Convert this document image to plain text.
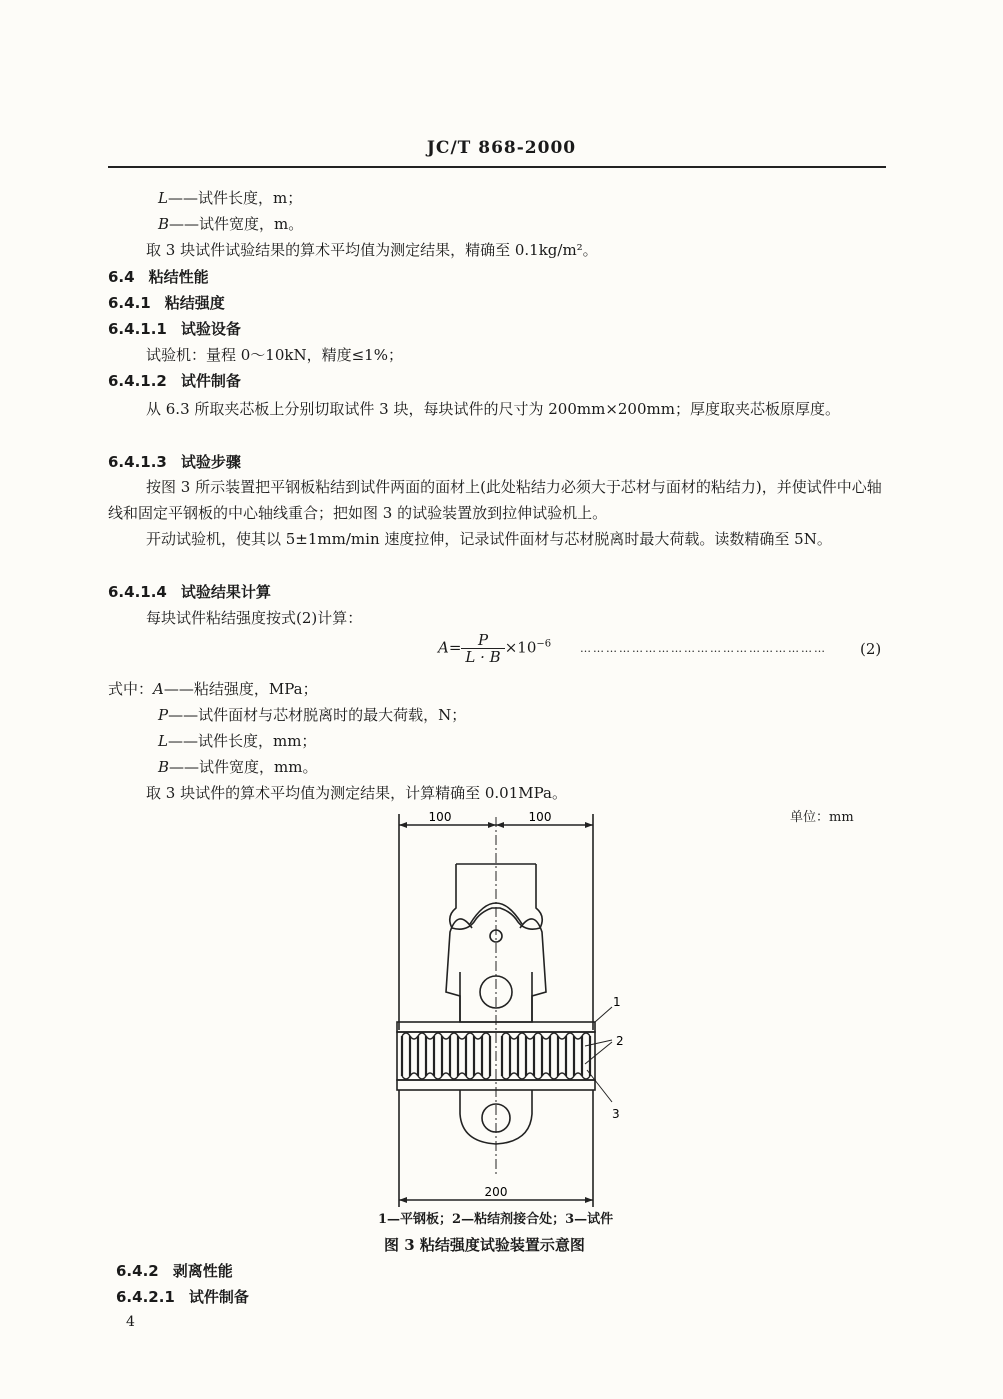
JC/T 868-2000
L——试件长度，m；
B——试件宽度，m。
取 3 块试件试验结果的算术平均值为测定结果，精确至 0.1kg/m²。
6.4 粘结性能
6.4.1 粘结强度
6.4.1.1 试验设备
试验机：量程 0～10kN，精度≤1%；
6.4.1.2 试件制备
从 6.3 所取夹芯板上分别切取试件 3 块，每块试件的尺寸为 200mm×200mm；厚度取夹芯板原厚度。
6.4.1.3 试验步骤
按图 3 所示装置把平钢板粘结到试件两面的面材上(此处粘结力必须大于芯材与面材的粘结力)，并使试件中心轴线和固定平钢板的中心轴线重合；把如图 3 的试验装置放到拉伸试验机上。
开动试验机，使其以 5±1mm/min 速度拉伸，记录试件面材与芯材脱离时最大荷载。读数精确至 5N。
6.4.1.4 试验结果计算
每块试件粘结强度按式(2)计算：
$A= \frac{P}{L \cdot B} \times 10^{-6}$	…………………………………………………	(2)
式中：A——粘结强度，MPa；
P——试件面材与芯材脱离时的最大荷载，N；
L——试件长度，mm；
B——试件宽度，mm。
取 3 块试件的算术平均值为测定结果，计算精确至 0.01MPa。
单位：mm
100	100
200
1
2
3
1—平钢板；2—粘结剂接合处；3—试件
图 3 粘结强度试验装置示意图
6.4.2 剥离性能
6.4.2.1 试件制备
4
